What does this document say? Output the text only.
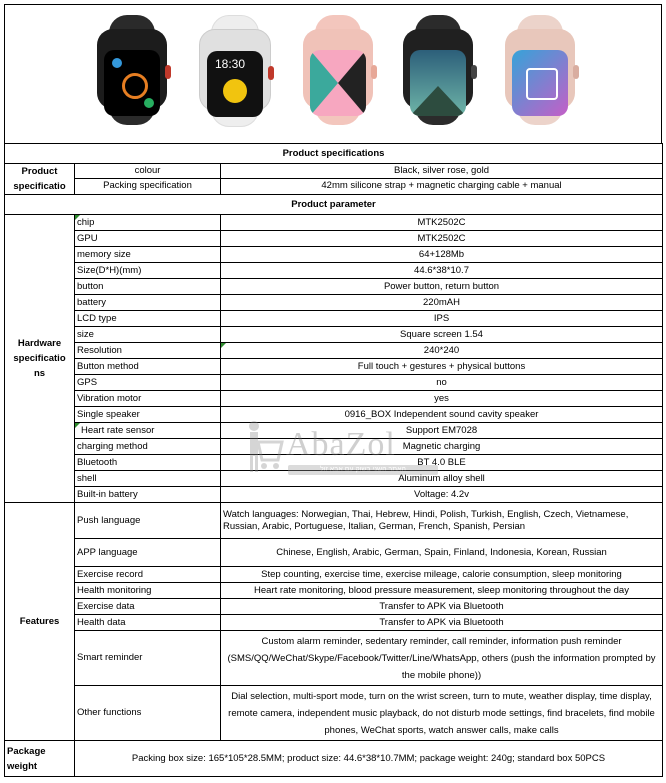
18:30
Product specifications		
Product specificatio	colour	Black, silver rose, gold
	Packing specification	42mm silicone strap + magnetic charging cable + manual
Product parameter		
Hardware specificatio ns	chip	MTK2502C
	GPU	MTK2502C
	memory size	64+128Mb
	Size(D*H)(mm)	44.6*38*10.7
	button	Power button, return button
	battery	220mAH
	LCD type	IPS
	size	Square screen 1.54
	Resolution	240*240
	Button method	Full touch + gestures + physical buttons
	GPS	no
	Vibration motor	yes
	Single speaker	0916_BOX Independent sound cavity speaker
	Heart rate sensor	Support EM7028
	charging method	Magnetic charging
	Bluetooth	BT 4.0 BLE
	shell	Aluminum alloy shell
	Built-in battery	Voltage: 4.2v
Features	Push language	Watch languages: Norwegian, Thai, Hebrew, Hindi, Polish, Turkish, English, Czech, Vietnamese, Russian, Arabic, Portuguese, Italian, German, French, Spanish, Persian
	APP language	Chinese, English, Arabic, German, Spain, Finland, Indonesia, Korean, Russian
	Exercise record	Step counting, exercise time, exercise mileage, calorie consumption, sleep monitoring
	Health monitoring	Heart rate monitoring, blood pressure measurement, sleep monitoring throughout the day
	Exercise data	Transfer to APK via Bluetooth
	Health data	Transfer to APK via Bluetooth
	Smart reminder	Custom alarm reminder, sedentary reminder, call reminder, information push reminder (SMS/QQ/WeChat/Skype/Facebook/Twitter/Line/WhatsApp, others (push the information prompted by the mobile phone))
	Other functions	Dial selection, multi-sport mode, turn on the wrist screen, turn to mute, weather display, time display, remote camera, independent music playback, do not disturb mode settings, find bracelets, find mobile phones, WeChat sports, watch answer calls, make calls
Package weight	Packing box size: 165*105*28.5MM; product size: 44.6*38*10.7MM; package weight: 240g; standard box 50PCS	
AbaZol
האתר השני בשוק עם אבא זול
